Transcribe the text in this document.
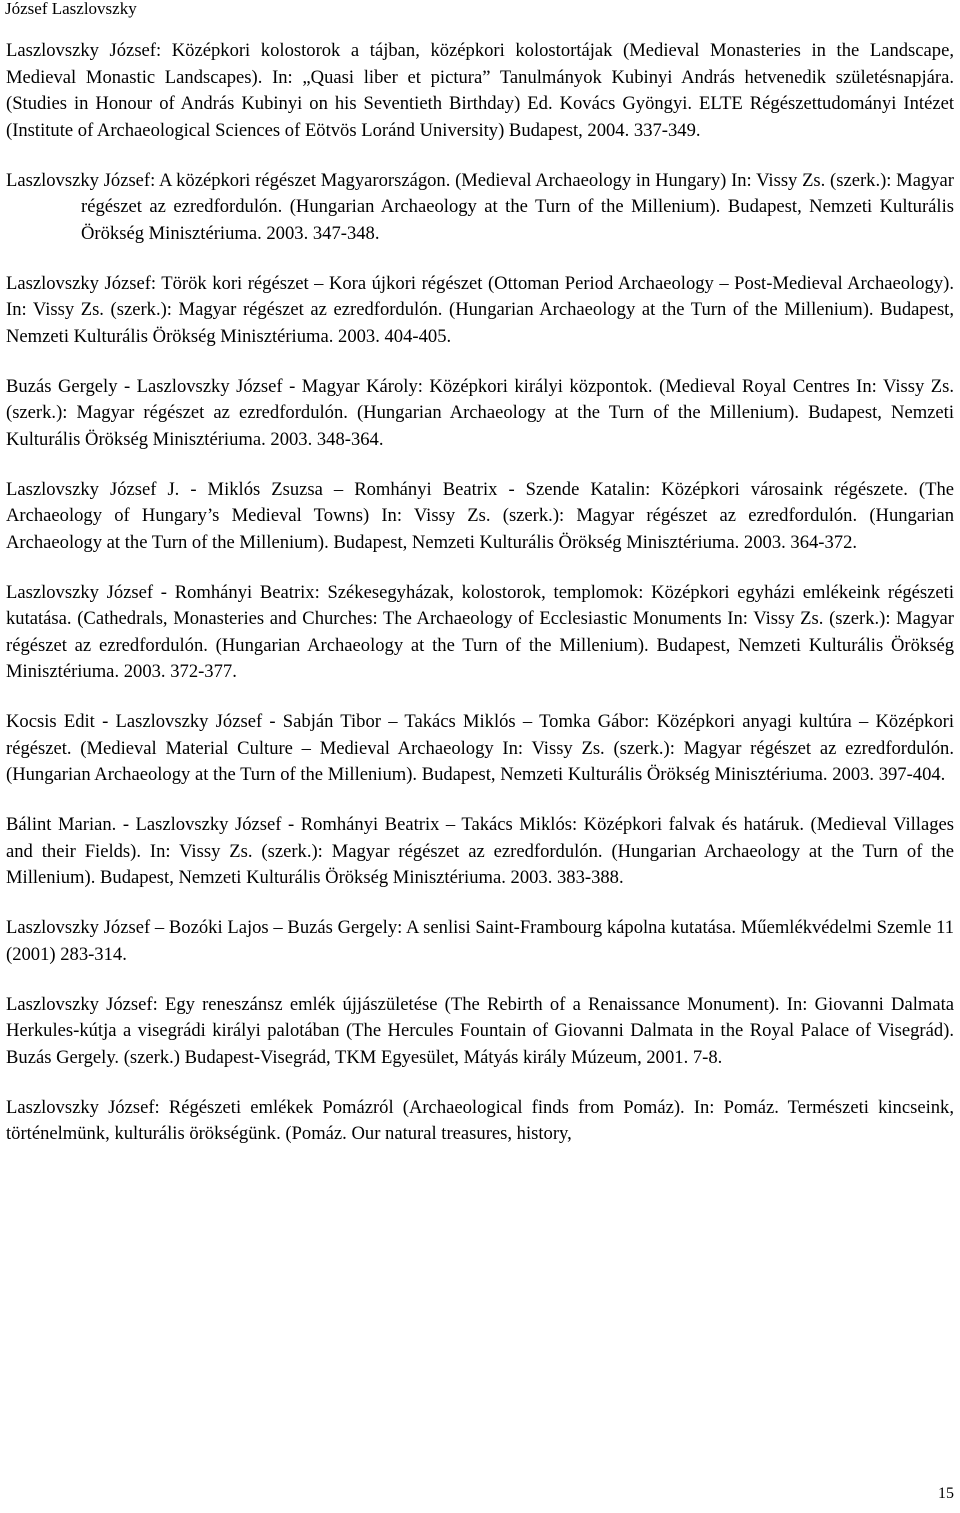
József Laszlovszky

Laszlovszky József: Középkori kolostorok a tájban, középkori kolostortájak (Medieval Monasteries in the Landscape, Medieval Monastic Landscapes). In: „Quasi liber et pictura” Tanulmányok Kubinyi András hetvenedik születésnapjára.(Studies in Honour of András Kubinyi on his Seventieth Birthday) Ed. Kovács Gyöngyi. ELTE Régészettudományi Intézet (Institute of Archaeological Sciences of Eötvös Loránd University) Budapest, 2004. 337-349.

Laszlovszky József: A középkori régészet Magyarországon. (Medieval Archaeology in Hungary) In: Vissy Zs. (szerk.): Magyar régészet az ezredfordulón. (Hungarian Archaeology at the Turn of the Millenium). Budapest, Nemzeti Kulturális Örökség Minisztériuma. 2003. 347-348.

Laszlovszky József: Török kori régészet – Kora újkori régészet (Ottoman Period Archaeology – Post-Medieval Archaeology). In: Vissy Zs. (szerk.): Magyar régészet az ezredfordulón. (Hungarian Archaeology at the Turn of the Millenium). Budapest, Nemzeti Kulturális Örökség Minisztériuma. 2003. 404-405.

Buzás Gergely - Laszlovszky József - Magyar Károly: Középkori királyi központok. (Medieval Royal Centres In: Vissy Zs. (szerk.): Magyar régészet az ezredfordulón. (Hungarian Archaeology at the Turn of the Millenium). Budapest, Nemzeti Kulturális Örökség Minisztériuma. 2003. 348-364.

Laszlovszky József J. - Miklós Zsuzsa – Romhányi Beatrix - Szende Katalin: Középkori városaink régészete. (The Archaeology of Hungary’s Medieval Towns) In: Vissy Zs. (szerk.): Magyar régészet az ezredfordulón. (Hungarian Archaeology at the Turn of the Millenium). Budapest, Nemzeti Kulturális Örökség Minisztériuma. 2003. 364-372.

Laszlovszky József - Romhányi Beatrix: Székesegyházak, kolostorok, templomok: Középkori egyházi emlékeink régészeti kutatása. (Cathedrals, Monasteries and Churches: The Archaeology of Ecclesiastic Monuments In: Vissy Zs. (szerk.): Magyar régészet az ezredfordulón. (Hungarian Archaeology at the Turn of the Millenium). Budapest, Nemzeti Kulturális Örökség Minisztériuma. 2003. 372-377.

Kocsis Edit - Laszlovszky József - Sabján Tibor – Takács Miklós – Tomka Gábor: Középkori anyagi kultúra – Középkori régészet. (Medieval Material Culture – Medieval Archaeology In: Vissy Zs. (szerk.): Magyar régészet az ezredfordulón. (Hungarian Archaeology at the Turn of the Millenium). Budapest, Nemzeti Kulturális Örökség Minisztériuma. 2003. 397-404.

Bálint Marian. - Laszlovszky József - Romhányi Beatrix – Takács Miklós: Középkori falvak és határuk. (Medieval Villages and their Fields). In: Vissy Zs. (szerk.): Magyar régészet az ezredfordulón. (Hungarian Archaeology at the Turn of the Millenium). Budapest, Nemzeti Kulturális Örökség Minisztériuma. 2003. 383-388.

Laszlovszky József – Bozóki Lajos – Buzás Gergely: A senlisi Saint-Frambourg kápolna kutatása. Műemlékvédelmi Szemle 11 (2001) 283-314.

Laszlovszky József: Egy reneszánsz emlék újjászületése (The Rebirth of a Renaissance Monument). In: Giovanni Dalmata Herkules-kútja a visegrádi királyi palotában (The Hercules Fountain of Giovanni Dalmata in the Royal Palace of Visegrád). Buzás Gergely. (szerk.) Budapest-Visegrád, TKM Egyesület, Mátyás király Múzeum, 2001. 7-8.

Laszlovszky József: Régészeti emlékek Pomázról (Archaeological finds from Pomáz). In: Pomáz. Természeti kincseink, történelmünk, kulturális örökségünk. (Pomáz. Our natural treasures, history,

15
